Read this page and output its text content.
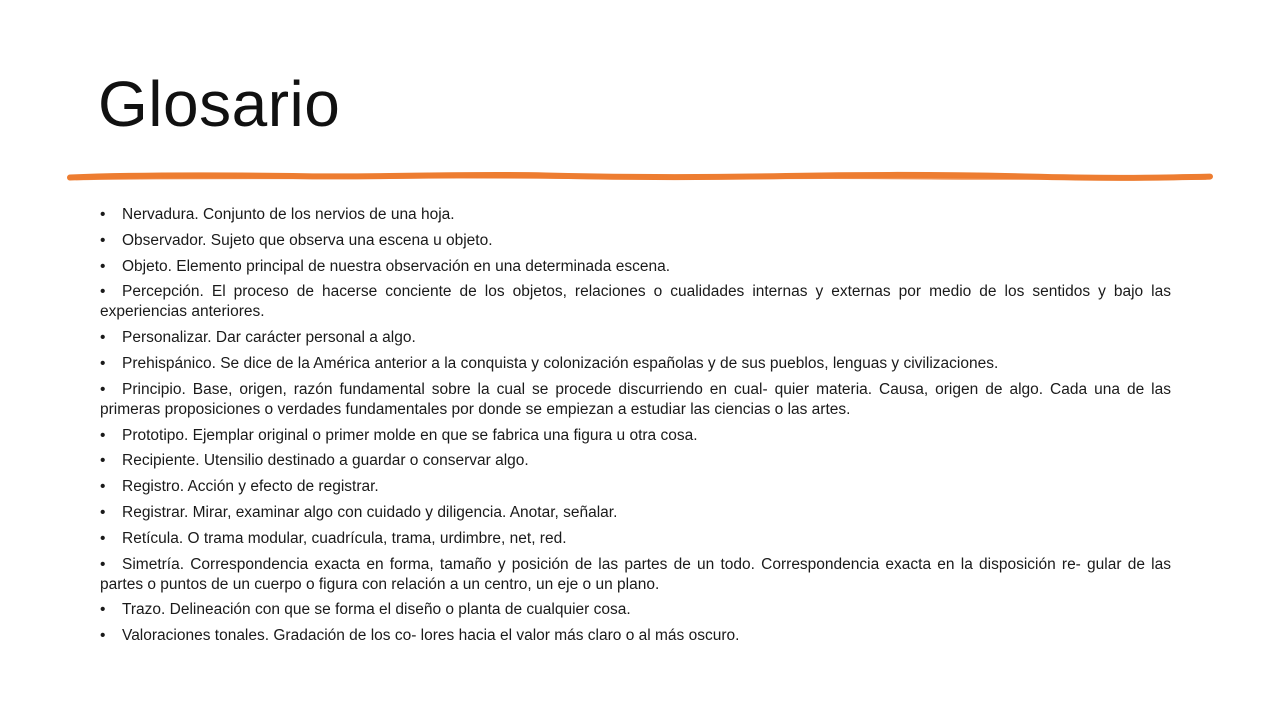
Glosario
• Nervadura. Conjunto de los nervios de una hoja.
• Observador. Sujeto que observa una escena u objeto.
• Objeto. Elemento principal de nuestra observación en una determinada escena.
• Percepción. El proceso de hacerse conciente de los objetos, relaciones o cualidades internas y externas por medio de los sentidos y bajo las experiencias anteriores.
• Personalizar. Dar carácter personal a algo.
• Prehispánico. Se dice de la América anterior a la conquista y colonización españolas y de sus pueblos, lenguas y civilizaciones.
• Principio. Base, origen, razón fundamental sobre la cual se procede discurriendo en cual- quier materia. Causa, origen de algo. Cada una de las primeras proposiciones o verdades fundamentales por donde se empiezan a estudiar las ciencias o las artes.
• Prototipo. Ejemplar original o primer molde en que se fabrica una figura u otra cosa.
• Recipiente. Utensilio destinado a guardar o conservar algo.
• Registro. Acción y efecto de registrar.
• Registrar. Mirar, examinar algo con cuidado y diligencia. Anotar, señalar.
• Retícula. O trama modular, cuadrícula, trama, urdimbre, net, red.
• Simetría. Correspondencia exacta en forma, tamaño y posición de las partes de un todo. Correspondencia exacta en la disposición re- gular de las partes o puntos de un cuerpo o figura con relación a un centro, un eje o un plano.
• Trazo. Delineación con que se forma el diseño o planta de cualquier cosa.
• Valoraciones tonales. Gradación de los co- lores hacia el valor más claro o al más oscuro.
